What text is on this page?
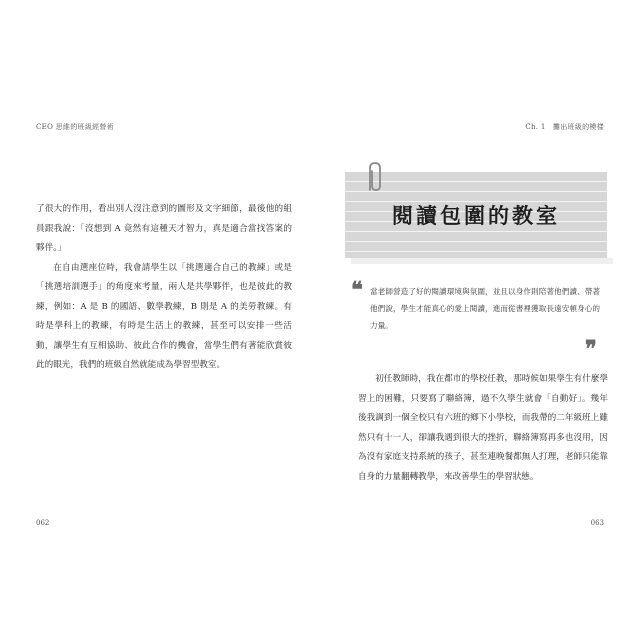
CEO 思維的班級經營術

了很大的作用，看出別人沒注意到的圖形及文字細節，最後他的組員跟我說：「沒想到 A 竟然有這種天才智力，真是適合當找答案的夥伴。」

在自由選座位時，我會請學生以「挑選適合自己的教練」或是「挑選培訓選手」的角度來考量，兩人是共學夥伴，也是彼此的教練，例如：A 是 B 的國語、數學教練，B 則是 A 的美勞教練。有時是學科上的教練，有時是生活上的教練，甚至可以安排一些活動，讓學生有互相協助、彼此合作的機會，當學生們有著能欣賞彼此的眼光，我們的班級自然就能成為學習型教室。

062
Ch. 1　攤出班級的模樣
063
閱讀包圍的教室
❝ 當老師營造了好的閱讀環境與氛圍，並且以身作則陪著他們讀、帶著他們說，學生才能真心的愛上閱讀，進而從書裡獲取長遠安頓身心的力量。
❞

初任教師時，我在都市的學校任教，那時候如果學生有什麼學習上的困難，只要寫了聯絡簿，過不久學生就會「自動好」。幾年後我調到一個全校只有六班的鄉下小學校，而我帶的二年級班上雖然只有十一人，卻讓我遇到很大的挫折，聯絡簿寫再多也沒用，因為沒有家庭支持系統的孩子，甚至連晚餐都無人打理，老師只能靠自身的力量翻轉教學，來改善學生的學習狀態。
